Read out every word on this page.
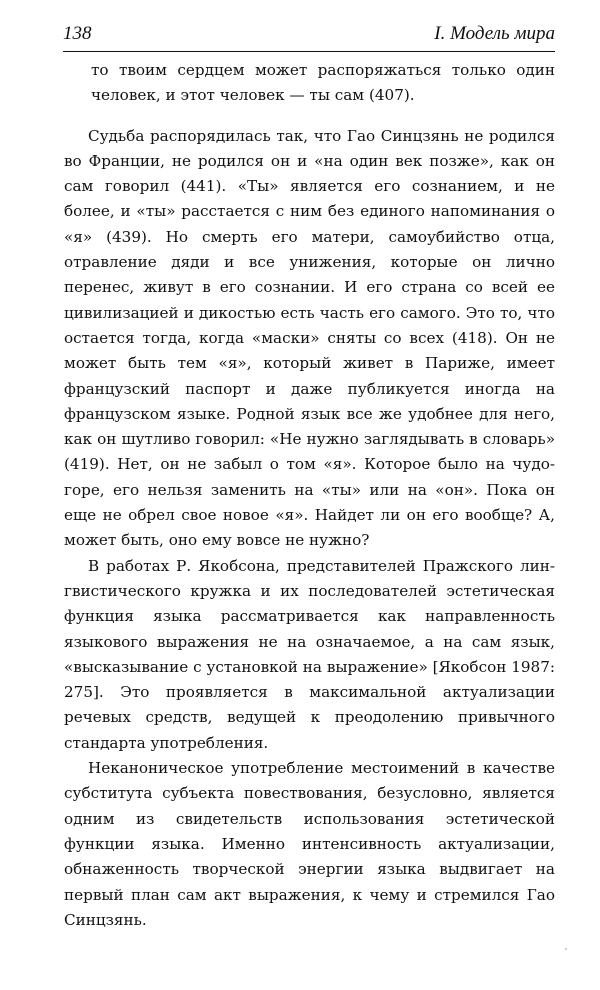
138	I. Модель мира

то твоим сердцем может распоряжаться только один человек, и этот человек — ты сам (407).

Судьба распорядилась так, что Гао Синцзянь не родился во Франции, не родился он и «на один век позже», как он сам говорил (441). «Ты» является его сознанием, и не более, и «ты» расстается с ним без единого напоминания о «я» (439). Но смерть его матери, самоубийство отца, отравление дяди и все унижения, которые он лично перенес, живут в его сознании. И его страна со всей ее цивилизацией и дикостью есть часть его самого. Это то, что остается тогда, когда «маски» сняты со всех (418). Он не может быть тем «я», который живет в Париже, имеет французский паспорт и даже публикуется иногда на французском языке. Родной язык все же удобнее для него, как он шутливо говорил: «Не нужно заглядывать в словарь» (419). Нет, он не забыл о том «я». Которое было на чудо-горе, его нельзя заменить на «ты» или на «он». Пока он еще не обрел свое новое «я». Найдет ли он его вообще? А, может быть, оно ему вовсе не нужно?

В работах Р. Якобсона, представителей Пражского лингвистического кружка и их последователей эстетическая функция языка рассматривается как направленность языкового выражения не на означаемое, а на сам язык, «высказывание с установкой на выражение» [Якобсон 1987: 275]. Это проявляется в максимальной актуализации речевых средств, ведущей к преодолению привычного стандарта употребления.

Неканоническое употребление местоимений в качестве субститута субъекта повествования, безусловно, является одним из свидетельств использования эстетической функции языка. Именно интенсивность актуализации, обнаженность творческой энергии языка выдвигает на первый план сам акт выражения, к чему и стремился Гао Синцзянь.
